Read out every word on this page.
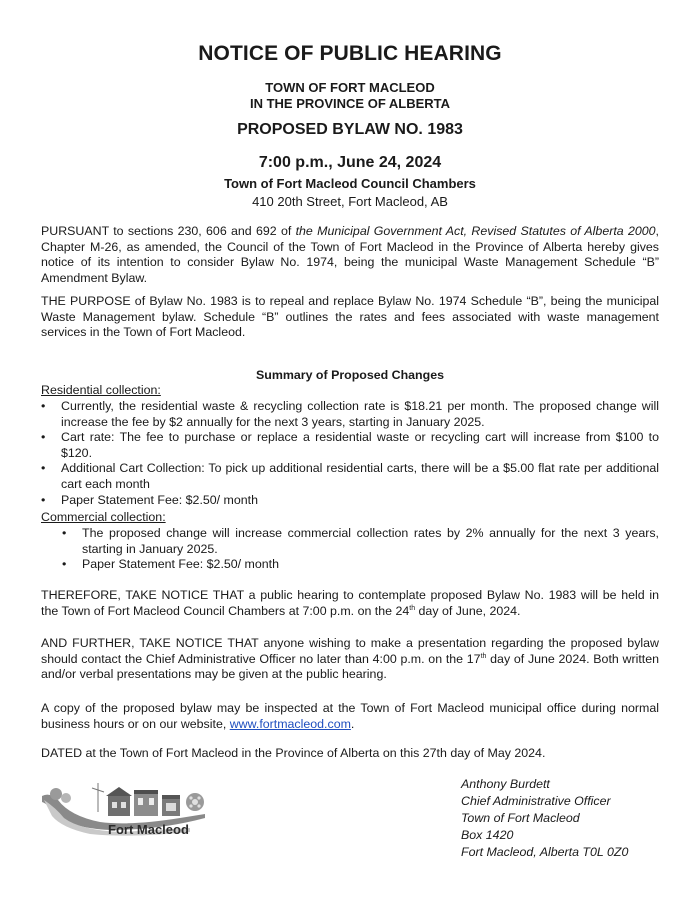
NOTICE OF PUBLIC HEARING
TOWN OF FORT MACLEOD
IN THE PROVINCE OF ALBERTA
PROPOSED BYLAW NO. 1983
7:00 p.m., June 24, 2024
Town of Fort Macleod Council Chambers
410 20th Street, Fort Macleod, AB
PURSUANT to sections 230, 606 and 692 of the Municipal Government Act, Revised Statutes of Alberta 2000, Chapter M-26, as amended, the Council of the Town of Fort Macleod in the Province of Alberta hereby gives notice of its intention to consider Bylaw No. 1974, being the municipal Waste Management Schedule “B” Amendment Bylaw.
THE PURPOSE of Bylaw No. 1983 is to repeal and replace Bylaw No. 1974 Schedule “B”, being the municipal Waste Management bylaw. Schedule “B” outlines the rates and fees associated with waste management services in the Town of Fort Macleod.
Summary of Proposed Changes
Residential collection:
• Currently, the residential waste & recycling collection rate is $18.21 per month. The proposed change will increase the fee by $2 annually for the next 3 years, starting in January 2025.
• Cart rate: The fee to purchase or replace a residential waste or recycling cart will increase from $100 to $120.
• Additional Cart Collection: To pick up additional residential carts, there will be a $5.00 flat rate per additional cart each month
• Paper Statement Fee: $2.50/ month
Commercial collection:
• The proposed change will increase commercial collection rates by 2% annually for the next 3 years, starting in January 2025.
• Paper Statement Fee: $2.50/ month
THEREFORE, TAKE NOTICE THAT a public hearing to contemplate proposed Bylaw No. 1983 will be held in the Town of Fort Macleod Council Chambers at 7:00 p.m. on the 24th day of June, 2024.
AND FURTHER, TAKE NOTICE THAT anyone wishing to make a presentation regarding the proposed bylaw should contact the Chief Administrative Officer no later than 4:00 p.m. on the 17th day of June 2024. Both written and/or verbal presentations may be given at the public hearing.
A copy of the proposed bylaw may be inspected at the Town of Fort Macleod municipal office during normal business hours or on our website, www.fortmacleod.com.
DATED at the Town of Fort Macleod in the Province of Alberta on this 27th day of May 2024.
Fort Macleod
Anthony Burdett
Chief Administrative Officer
Town of Fort Macleod
Box 1420
Fort Macleod, Alberta T0L 0Z0
